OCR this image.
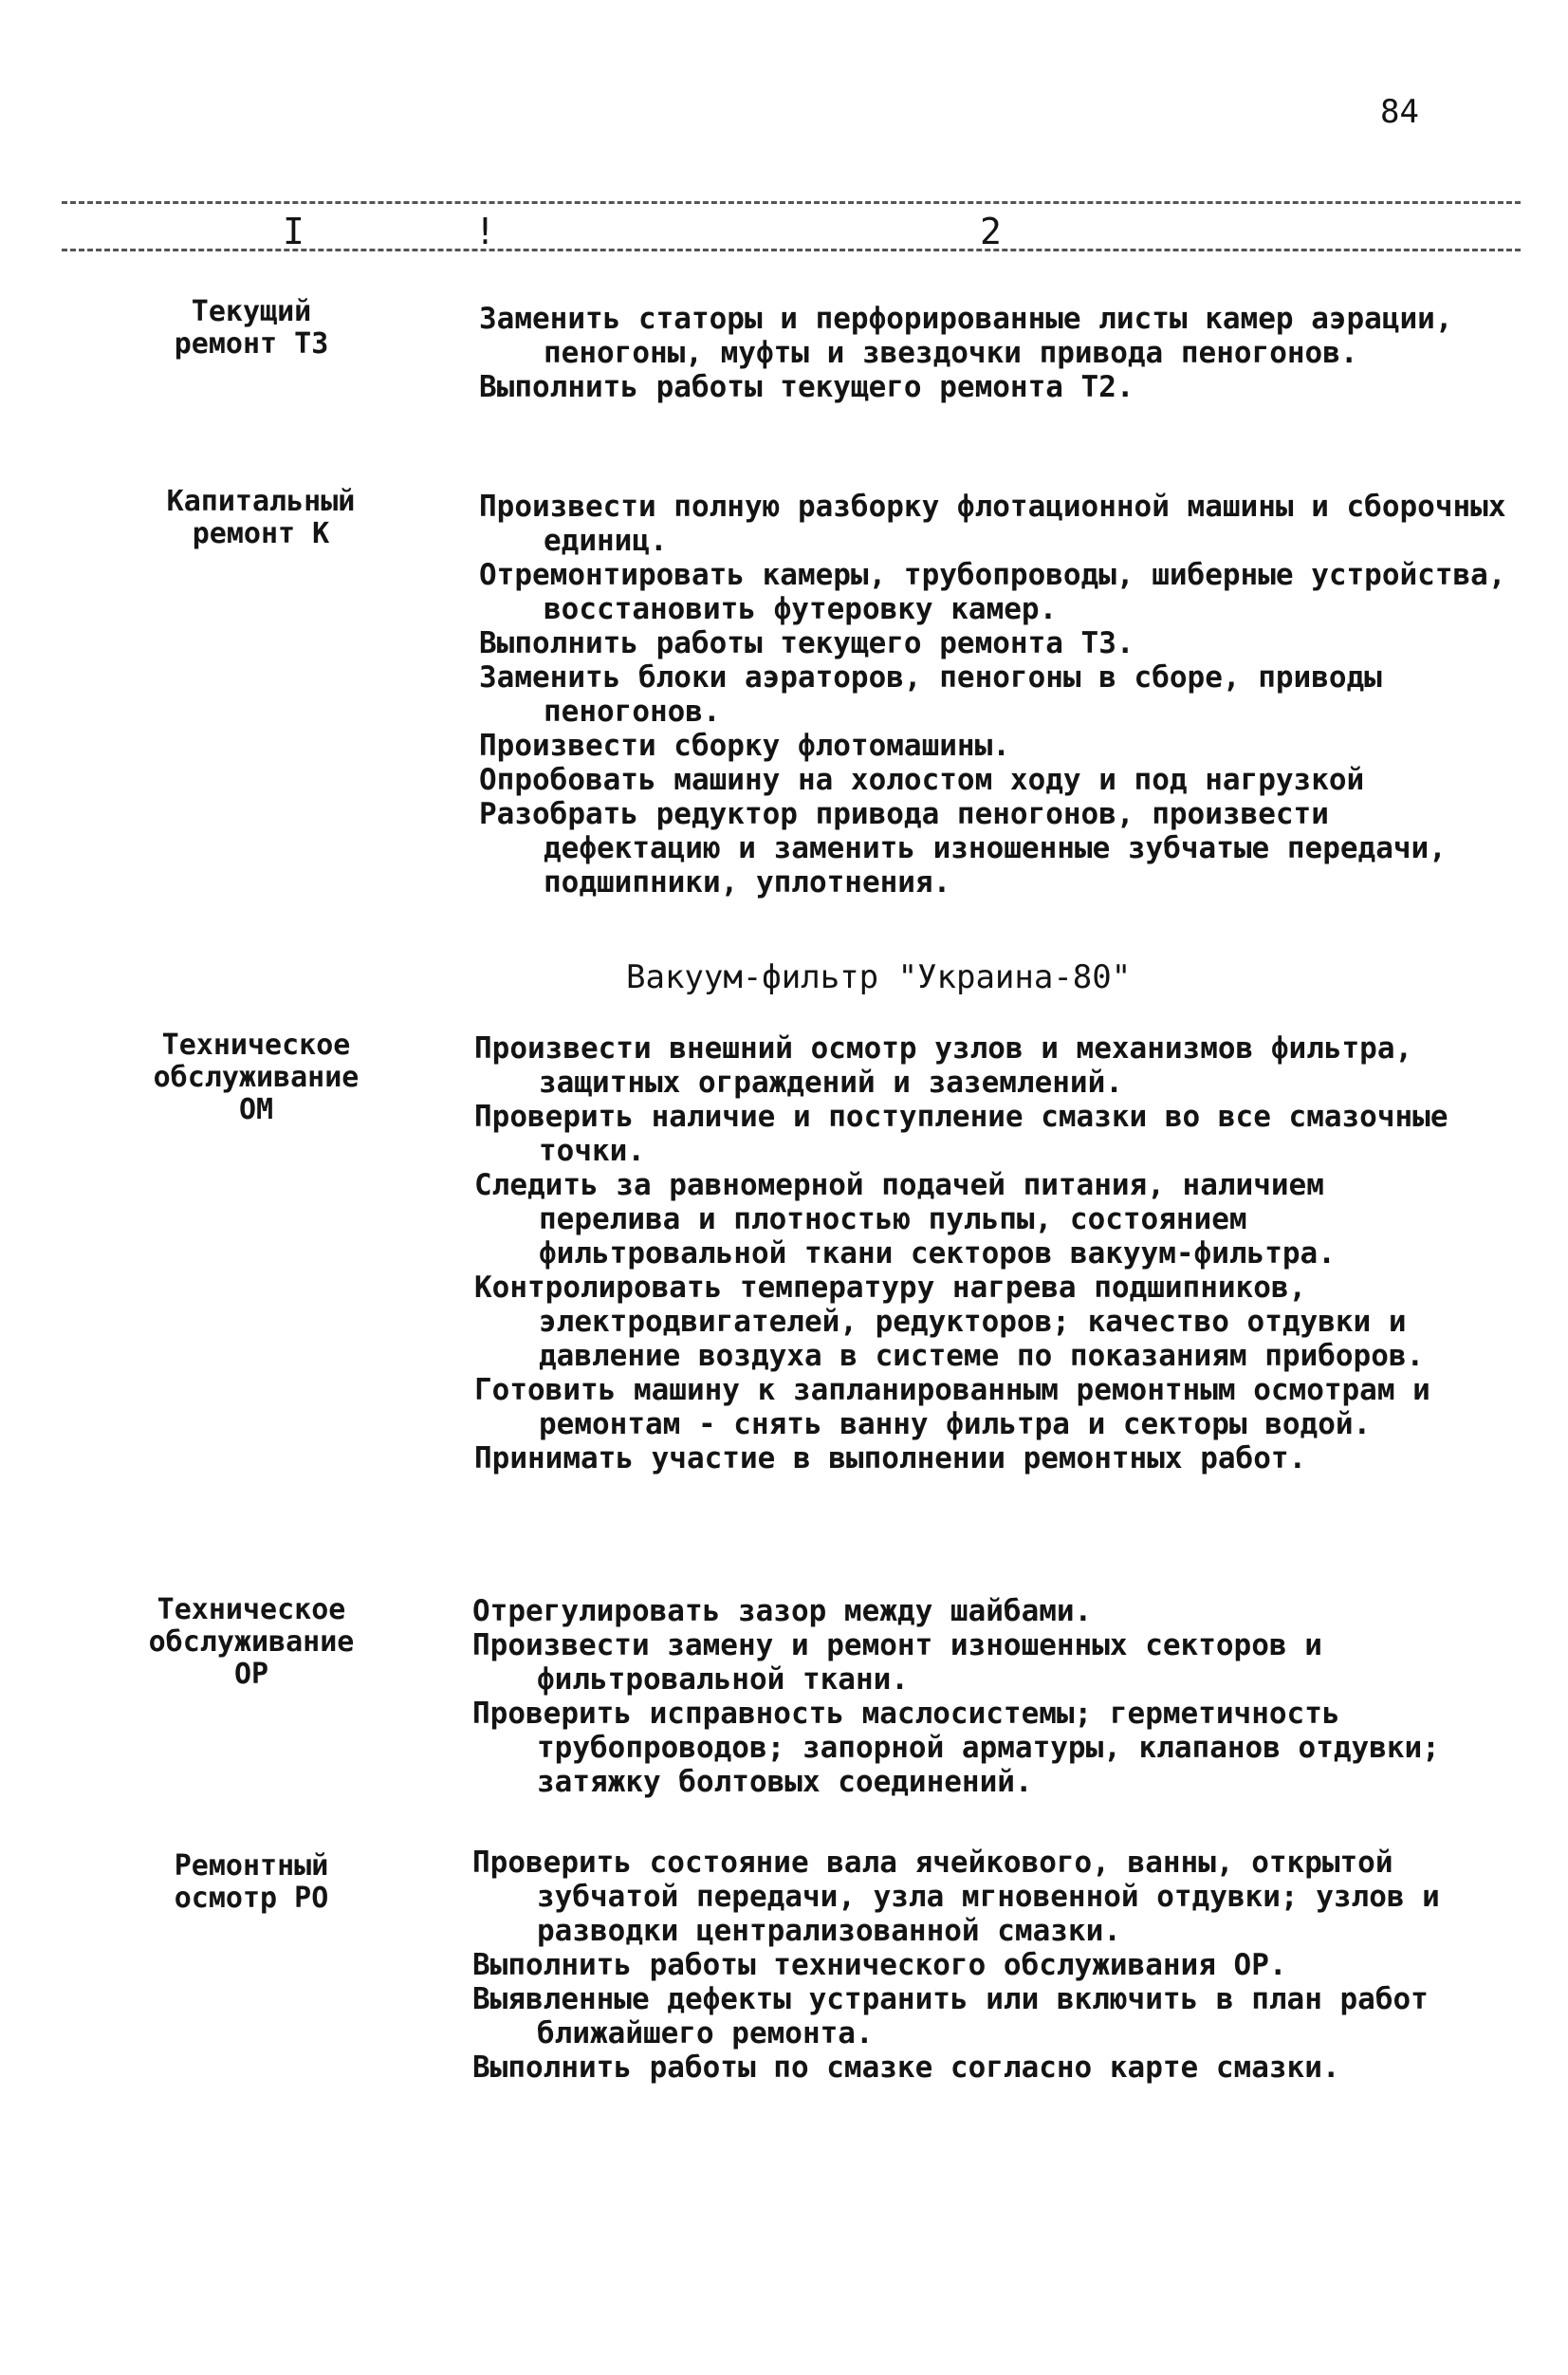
84
I	!	2
Текущий
ремонт Т3

Заменить статоры и перфорированные листы камер аэрации, пеногоны, муфты и звездочки привода пеногонов.

Выполнить работы текущего ремонта Т2.

Капитальный
ремонт К

Произвести полную разборку флотационной машины и сборочных единиц.

Отремонтировать камеры, трубопроводы, шиберные устройства, восстановить футеровку камер.

Выполнить работы текущего ремонта Т3.

Заменить блоки аэраторов, пеногоны в сборе, приводы пеногонов.

Произвести сборку флотомашины.

Опробовать машину на холостом ходу и под нагрузкой

Разобрать редуктор привода пеногонов, произвести дефектацию и заменить изношенные зубчатые передачи, подшипники, уплотнения.

Вакуум-фильтр "Украина-80"
Техническое
обслуживание
ОМ

Произвести внешний осмотр узлов и механизмов фильтра, защитных ограждений и заземлений.

Проверить наличие и поступление смазки во все смазочные точки.

Следить за равномерной подачей питания, наличием перелива и плотностью пульпы, состоянием фильтровальной ткани секторов вакуум-фильтра.

Контролировать температуру нагрева подшипников, электродвигателей, редукторов; качество отдувки и давление воздуха в системе по показаниям приборов.

Готовить машину к запланированным ремонтным осмотрам и ремонтам - снять ванну фильтра и секторы водой.

Принимать участие в выполнении ремонтных работ.

Техническое
обслуживание
ОР

Отрегулировать зазор между шайбами.

Произвести замену и ремонт изношенных секторов и фильтровальной ткани.

Проверить исправность маслосистемы; герметичность трубопроводов; запорной арматуры, клапанов отдувки; затяжку болтовых соединений.

Ремонтный
осмотр РО

Проверить состояние вала ячейкового, ванны, открытой зубчатой передачи, узла мгновенной отдувки; узлов и разводки централизованной смазки.

Выполнить работы технического обслуживания ОР.

Выявленные дефекты устранить или включить в план работ ближайшего ремонта.

Выполнить работы по смазке согласно карте смазки.
